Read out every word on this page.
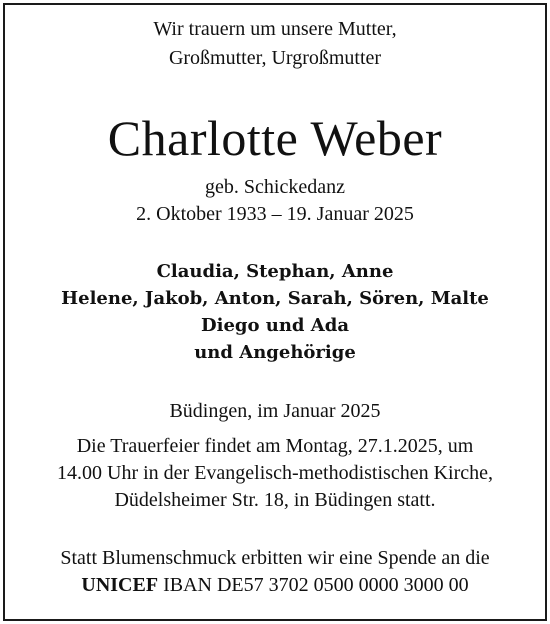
Wir trauern um unsere Mutter,
Großmutter, Urgroßmutter
Charlotte Weber
geb. Schickedanz
2. Oktober 1933 – 19. Januar 2025
Claudia, Stephan, Anne
Helene, Jakob, Anton, Sarah, Sören, Malte
Diego und Ada
und Angehörige
Büdingen, im Januar 2025
Die Trauerfeier findet am Montag, 27.1.2025, um
14.00 Uhr in der Evangelisch-methodistischen Kirche,
Düdelsheimer Str. 18, in Büdingen statt.
Statt Blumenschmuck erbitten wir eine Spende an die
UNICEF IBAN DE57 3702 0500 0000 3000 00
